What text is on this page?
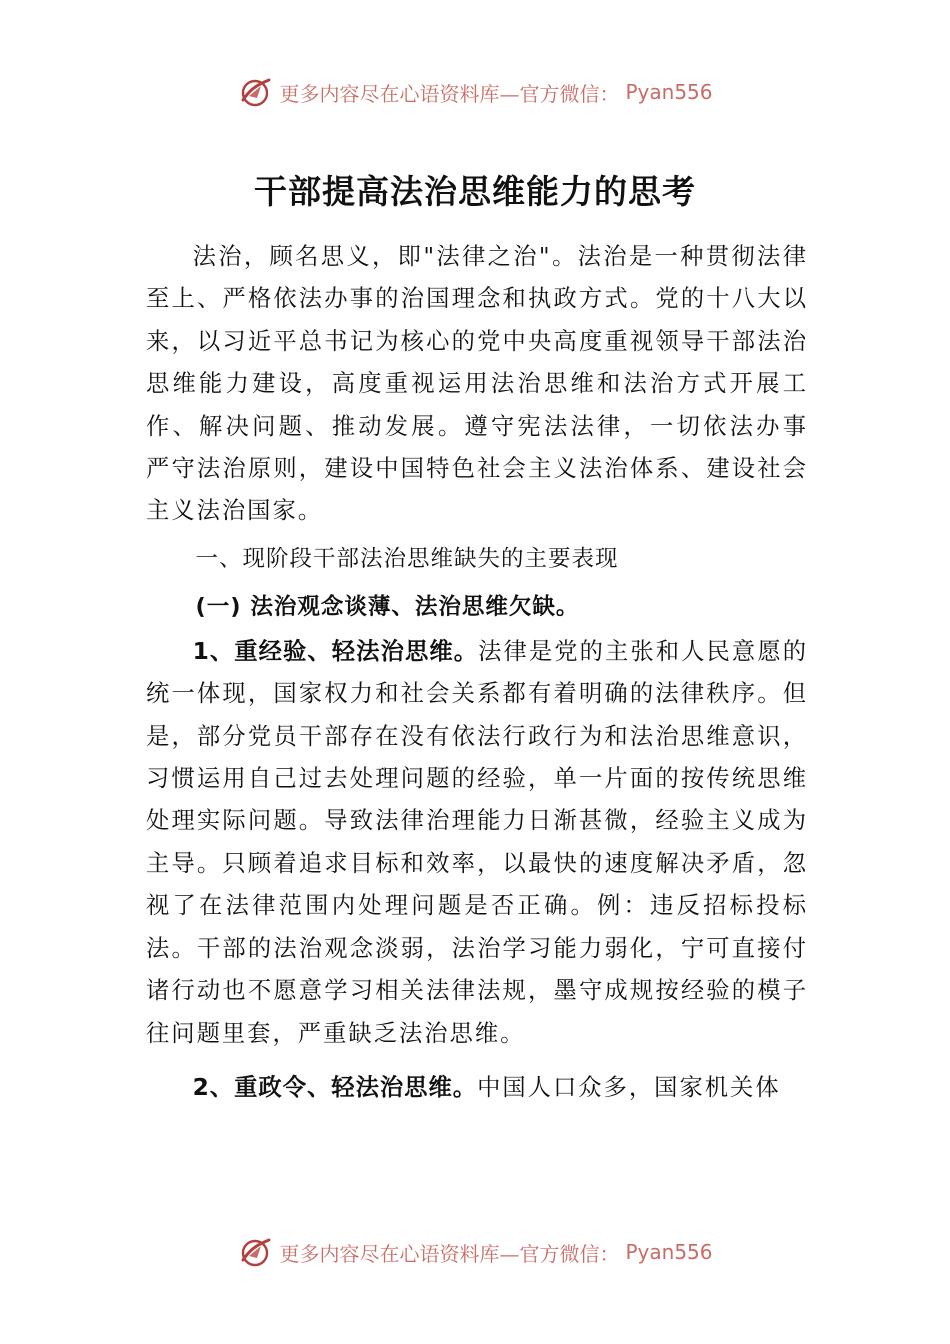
更多内容尽在心语资料库—官方微信： Pyan556
干部提高法治思维能力的思考

法治，顾名思义，即"法律之治"。法治是一种贯彻法律至上、严格依法办事的治国理念和执政方式。党的十八大以来，以习近平总书记为核心的党中央高度重视领导干部法治思维能力建设，高度重视运用法治思维和法治方式开展工作、解决问题、推动发展。遵守宪法法律，一切依法办事 严守法治原则，建设中国特色社会主义法治体系、建设社会主义法治国家。

一、现阶段干部法治思维缺失的主要表现

(一) 法治观念谈薄、法治思维欠缺。

1、重经验、轻法治思维。法律是党的主张和人民意愿的统一体现，国家权力和社会关系都有着明确的法律秩序。但是，部分党员干部存在没有依法行政行为和法治思维意识，习惯运用自己过去处理问题的经验，单一片面的按传统思维处理实际问题。导致法律治理能力日渐甚微，经验主义成为主导。只顾着追求目标和效率，以最快的速度解决矛盾，忽视了在法律范围内处理问题是否正确。例：违反招标投标法。干部的法治观念淡弱，法治学习能力弱化，宁可直接付诸行动也不愿意学习相关法律法规，墨守成规按经验的模子往问题里套，严重缺乏法治思维。

2、重政令、轻法治思维。中国人口众多，国家机关体

更多内容尽在心语资料库—官方微信： Pyan556
